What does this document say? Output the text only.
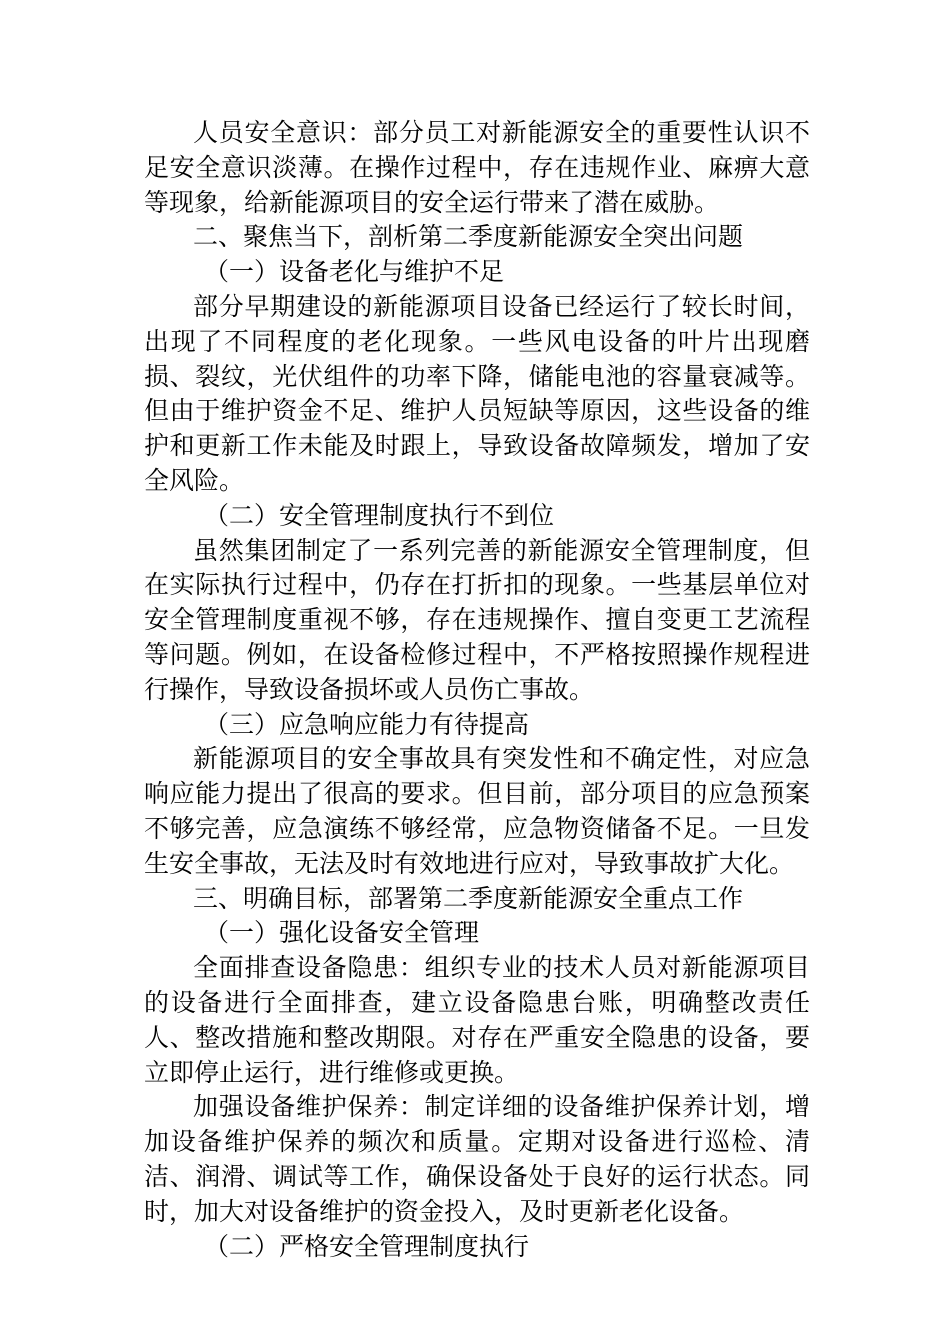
人员安全意识：部分员工对新能源安全的重要性认识不足安全意识淡薄。在操作过程中，存在违规作业、麻痹大意等现象，给新能源项目的安全运行带来了潜在威胁。

二、聚焦当下，剖析第二季度新能源安全突出问题

（一）设备老化与维护不足

部分早期建设的新能源项目设备已经运行了较长时间，出现了不同程度的老化现象。一些风电设备的叶片出现磨损、裂纹，光伏组件的功率下降，储能电池的容量衰减等。但由于维护资金不足、维护人员短缺等原因，这些设备的维护和更新工作未能及时跟上，导致设备故障频发，增加了安全风险。

（二）安全管理制度执行不到位

虽然集团制定了一系列完善的新能源安全管理制度，但在实际执行过程中，仍存在打折扣的现象。一些基层单位对安全管理制度重视不够，存在违规操作、擅自变更工艺流程等问题。例如，在设备检修过程中，不严格按照操作规程进行操作，导致设备损坏或人员伤亡事故。

（三）应急响应能力有待提高

新能源项目的安全事故具有突发性和不确定性，对应急响应能力提出了很高的要求。但目前，部分项目的应急预案不够完善，应急演练不够经常，应急物资储备不足。一旦发生安全事故，无法及时有效地进行应对，导致事故扩大化。

三、明确目标，部署第二季度新能源安全重点工作

（一）强化设备安全管理

全面排查设备隐患：组织专业的技术人员对新能源项目的设备进行全面排查，建立设备隐患台账，明确整改责任人、整改措施和整改期限。对存在严重安全隐患的设备，要立即停止运行，进行维修或更换。

加强设备维护保养：制定详细的设备维护保养计划，增加设备维护保养的频次和质量。定期对设备进行巡检、清洁、润滑、调试等工作，确保设备处于良好的运行状态。同时，加大对设备维护的资金投入，及时更新老化设备。

（二）严格安全管理制度执行
